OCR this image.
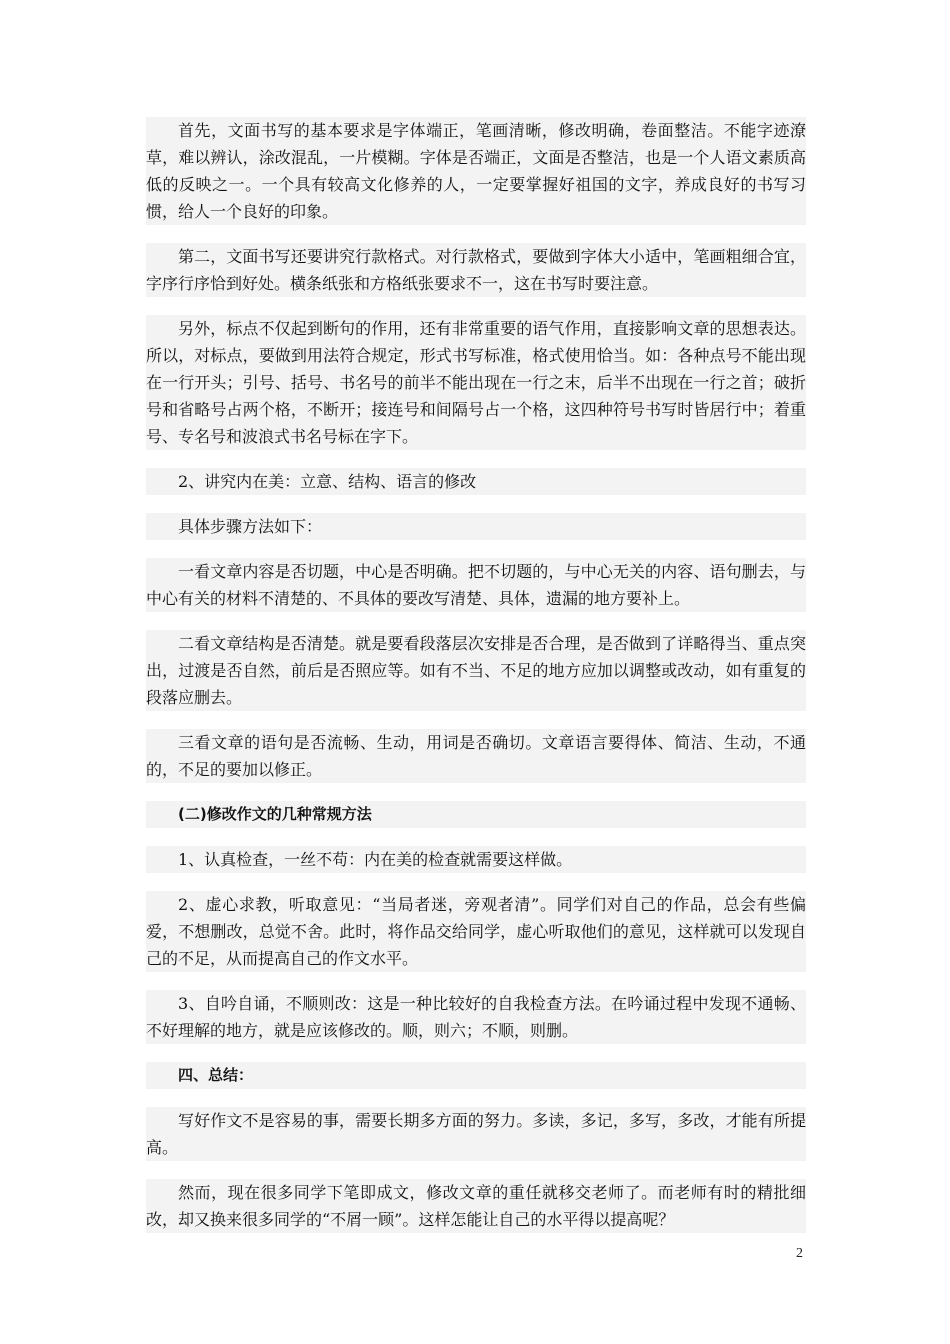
首先，文面书写的基本要求是字体端正，笔画清晰，修改明确，卷面整洁。不能字迹潦草，难以辨认，涂改混乱，一片模糊。字体是否端正，文面是否整洁，也是一个人语文素质高低的反映之一。一个具有较高文化修养的人，一定要掌握好祖国的文字，养成良好的书写习惯，给人一个良好的印象。

第二，文面书写还要讲究行款格式。对行款格式，要做到字体大小适中，笔画粗细合宜，字序行序恰到好处。横条纸张和方格纸张要求不一，这在书写时要注意。

另外，标点不仅起到断句的作用，还有非常重要的语气作用，直接影响文章的思想表达。所以，对标点，要做到用法符合规定，形式书写标准，格式使用恰当。如：各种点号不能出现在一行开头；引号、括号、书名号的前半不能出现在一行之末，后半不出现在一行之首；破折号和省略号占两个格，不断开；接连号和间隔号占一个格，这四种符号书写时皆居行中；着重号、专名号和波浪式书名号标在字下。

2、讲究内在美：立意、结构、语言的修改

具体步骤方法如下：

一看文章内容是否切题，中心是否明确。把不切题的，与中心无关的内容、语句删去，与中心有关的材料不清楚的、不具体的要改写清楚、具体，遗漏的地方要补上。

二看文章结构是否清楚。就是要看段落层次安排是否合理，是否做到了详略得当、重点突出，过渡是否自然，前后是否照应等。如有不当、不足的地方应加以调整或改动，如有重复的段落应删去。

三看文章的语句是否流畅、生动，用词是否确切。文章语言要得体、简洁、生动，不通的，不足的要加以修正。

(二)修改作文的几种常规方法

1、认真检查，一丝不苟：内在美的检查就需要这样做。

2、虚心求教，听取意见：“当局者迷，旁观者清”。同学们对自己的作品，总会有些偏爱，不想删改，总觉不舍。此时，将作品交给同学，虚心听取他们的意见，这样就可以发现自己的不足，从而提高自己的作文水平。

3、自吟自诵，不顺则改：这是一种比较好的自我检查方法。在吟诵过程中发现不通畅、不好理解的地方，就是应该修改的。顺，则六；不顺，则删。

四、总结：

写好作文不是容易的事，需要长期多方面的努力。多读，多记，多写，多改，才能有所提高。

然而，现在很多同学下笔即成文，修改文章的重任就移交老师了。而老师有时的精批细改，却又换来很多同学的“不屑一顾”。这样怎能让自己的水平得以提高呢？

2
